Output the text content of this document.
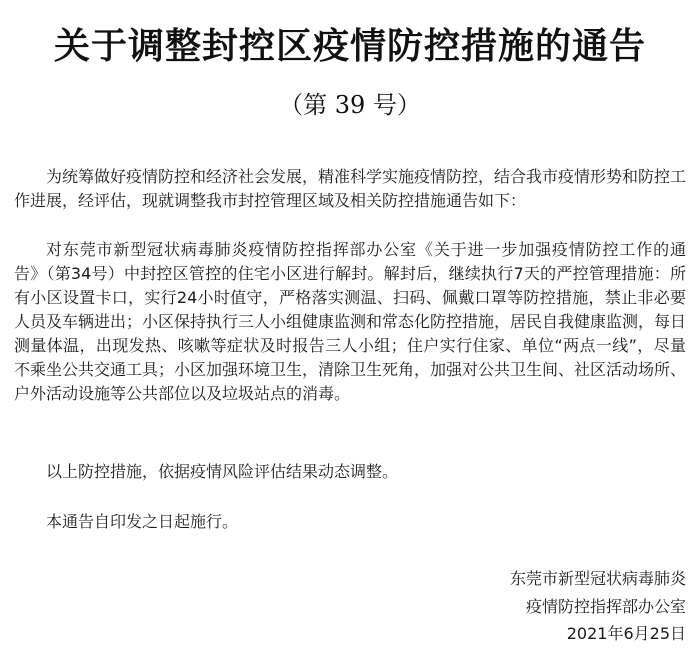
关于调整封控区疫情防控措施的通告
（第 39 号）

为统筹做好疫情防控和经济社会发展，精准科学实施疫情防控，结合我市疫情形势和防控工作进展，经评估，现就调整我市封控管理区域及相关防控措施通告如下：

对东莞市新型冠状病毒肺炎疫情防控指挥部办公室《关于进一步加强疫情防控工作的通告》（第34号）中封控区管控的住宅小区进行解封。解封后，继续执行7天的严控管理措施：所有小区设置卡口，实行24小时值守，严格落实测温、扫码、佩戴口罩等防控措施，禁止非必要人员及车辆进出；小区保持执行三人小组健康监测和常态化防控措施，居民自我健康监测，每日测量体温，出现发热、咳嗽等症状及时报告三人小组；住户实行住家、单位“两点一线”，尽量不乘坐公共交通工具；小区加强环境卫生，清除卫生死角，加强对公共卫生间、社区活动场所、户外活动设施等公共部位以及垃圾站点的消毒。

以上防控措施，依据疫情风险评估结果动态调整。

本通告自印发之日起施行。

东莞市新型冠状病毒肺炎
疫情防控指挥部办公室
2021年6月25日
